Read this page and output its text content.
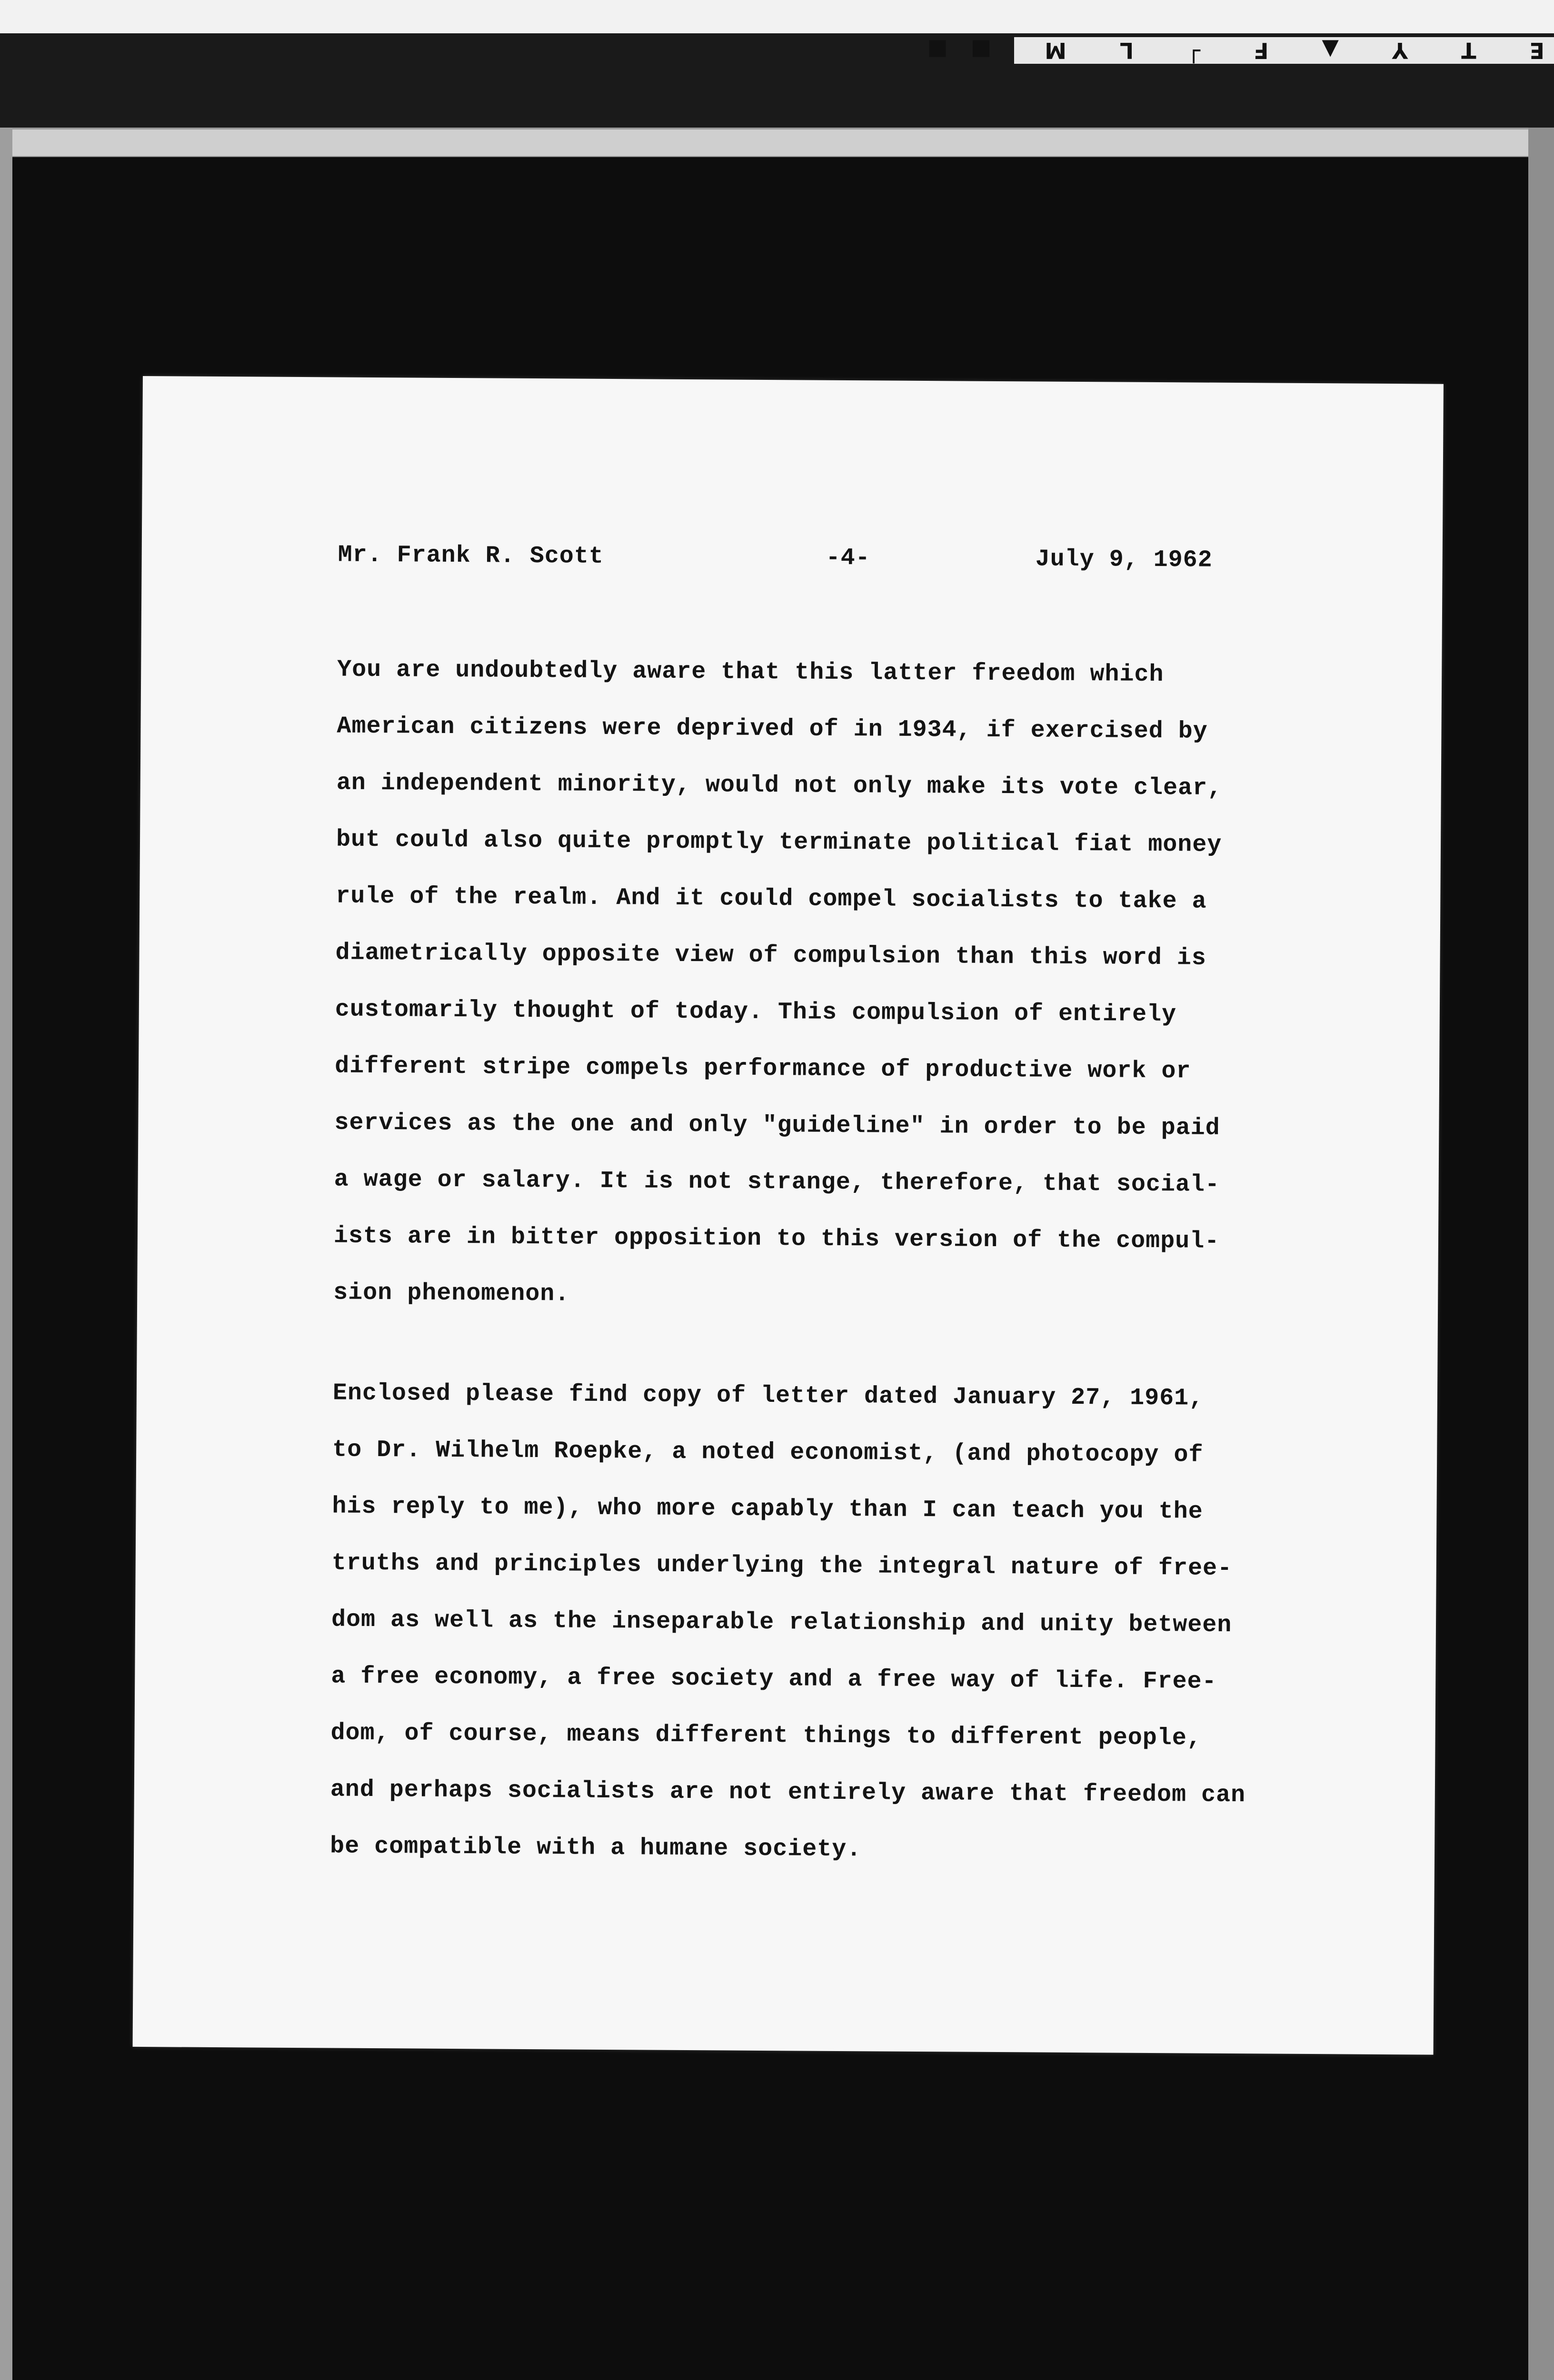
E T Y ▲ F ┘ L M ■■
Mr. Frank R. Scott	-4-	July 9, 1962
You are undoubtedly aware that this latter freedom which
American citizens were deprived of in 1934, if exercised by
an independent minority, would not only make its vote clear,
but could also quite promptly terminate political fiat money
rule of the realm. And it could compel socialists to take a
diametrically opposite view of compulsion than this word is
customarily thought of today. This compulsion of entirely
different stripe compels performance of productive work or
services as the one and only "guideline" in order to be paid
a wage or salary. It is not strange, therefore, that social-
ists are in bitter opposition to this version of the compul-
sion phenomenon.
Enclosed please find copy of letter dated January 27, 1961,
to Dr. Wilhelm Roepke, a noted economist, (and photocopy of
his reply to me), who more capably than I can teach you the
truths and principles underlying the integral nature of free-
dom as well as the inseparable relationship and unity between
a free economy, a free society and a free way of life. Free-
dom, of course, means different things to different people,
and perhaps socialists are not entirely aware that freedom can
be compatible with a humane society.
